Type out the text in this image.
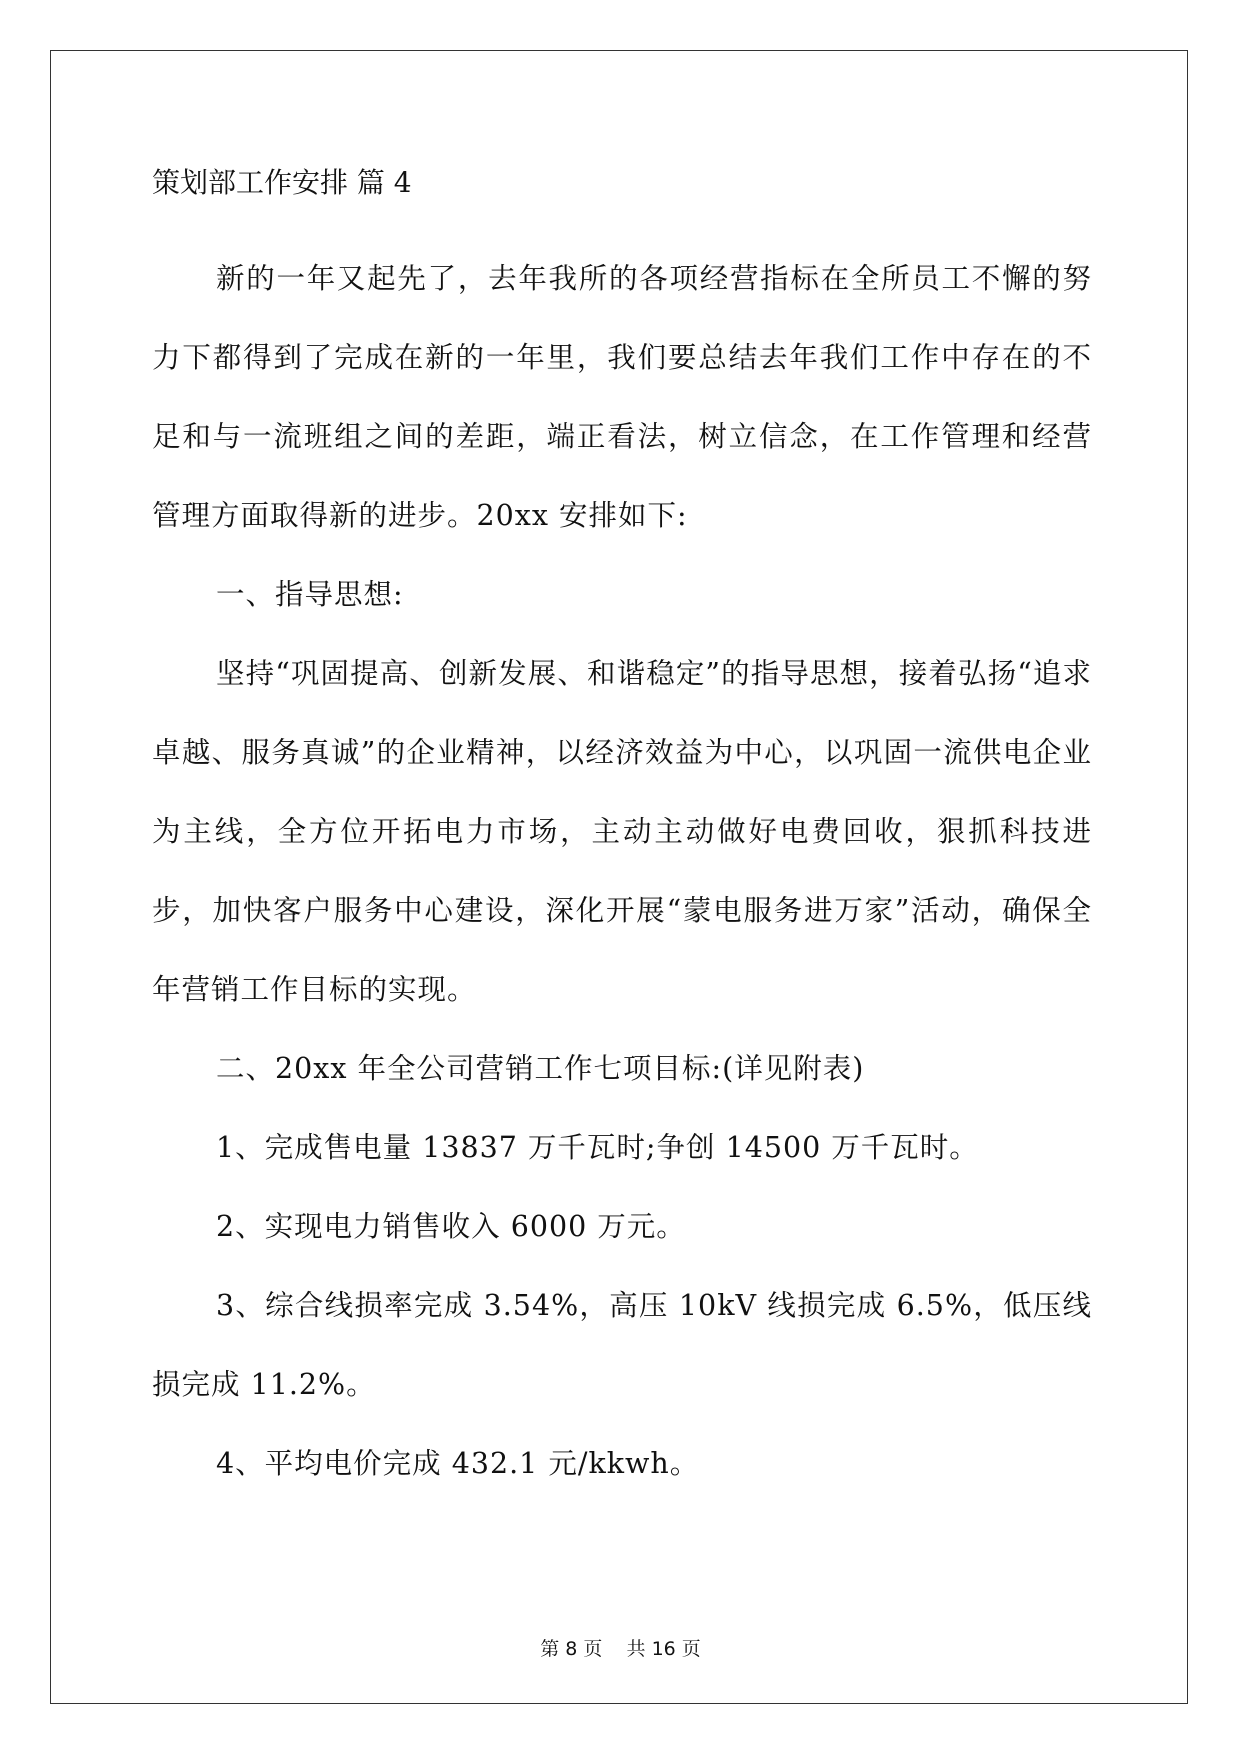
策划部工作安排 篇 4

新的一年又起先了，去年我所的各项经营指标在全所员工不懈的努力下都得到了完成在新的一年里，我们要总结去年我们工作中存在的不足和与一流班组之间的差距，端正看法，树立信念，在工作管理和经营管理方面取得新的进步。20xx 安排如下:

一、指导思想:

坚持“巩固提高、创新发展、和谐稳定”的指导思想，接着弘扬“追求卓越、服务真诚”的企业精神，以经济效益为中心，以巩固一流供电企业为主线，全方位开拓电力市场，主动主动做好电费回收，狠抓科技进步，加快客户服务中心建设，深化开展“蒙电服务进万家”活动，确保全年营销工作目标的实现。

二、20xx 年全公司营销工作七项目标:(详见附表)

1、完成售电量 13837 万千瓦时;争创 14500 万千瓦时。

2、实现电力销售收入 6000 万元。

3、综合线损率完成 3.54%，高压 10kV 线损完成 6.5%，低压线损完成 11.2%。

4、平均电价完成 432.1 元/kkwh。

第 8 页    共 16 页
